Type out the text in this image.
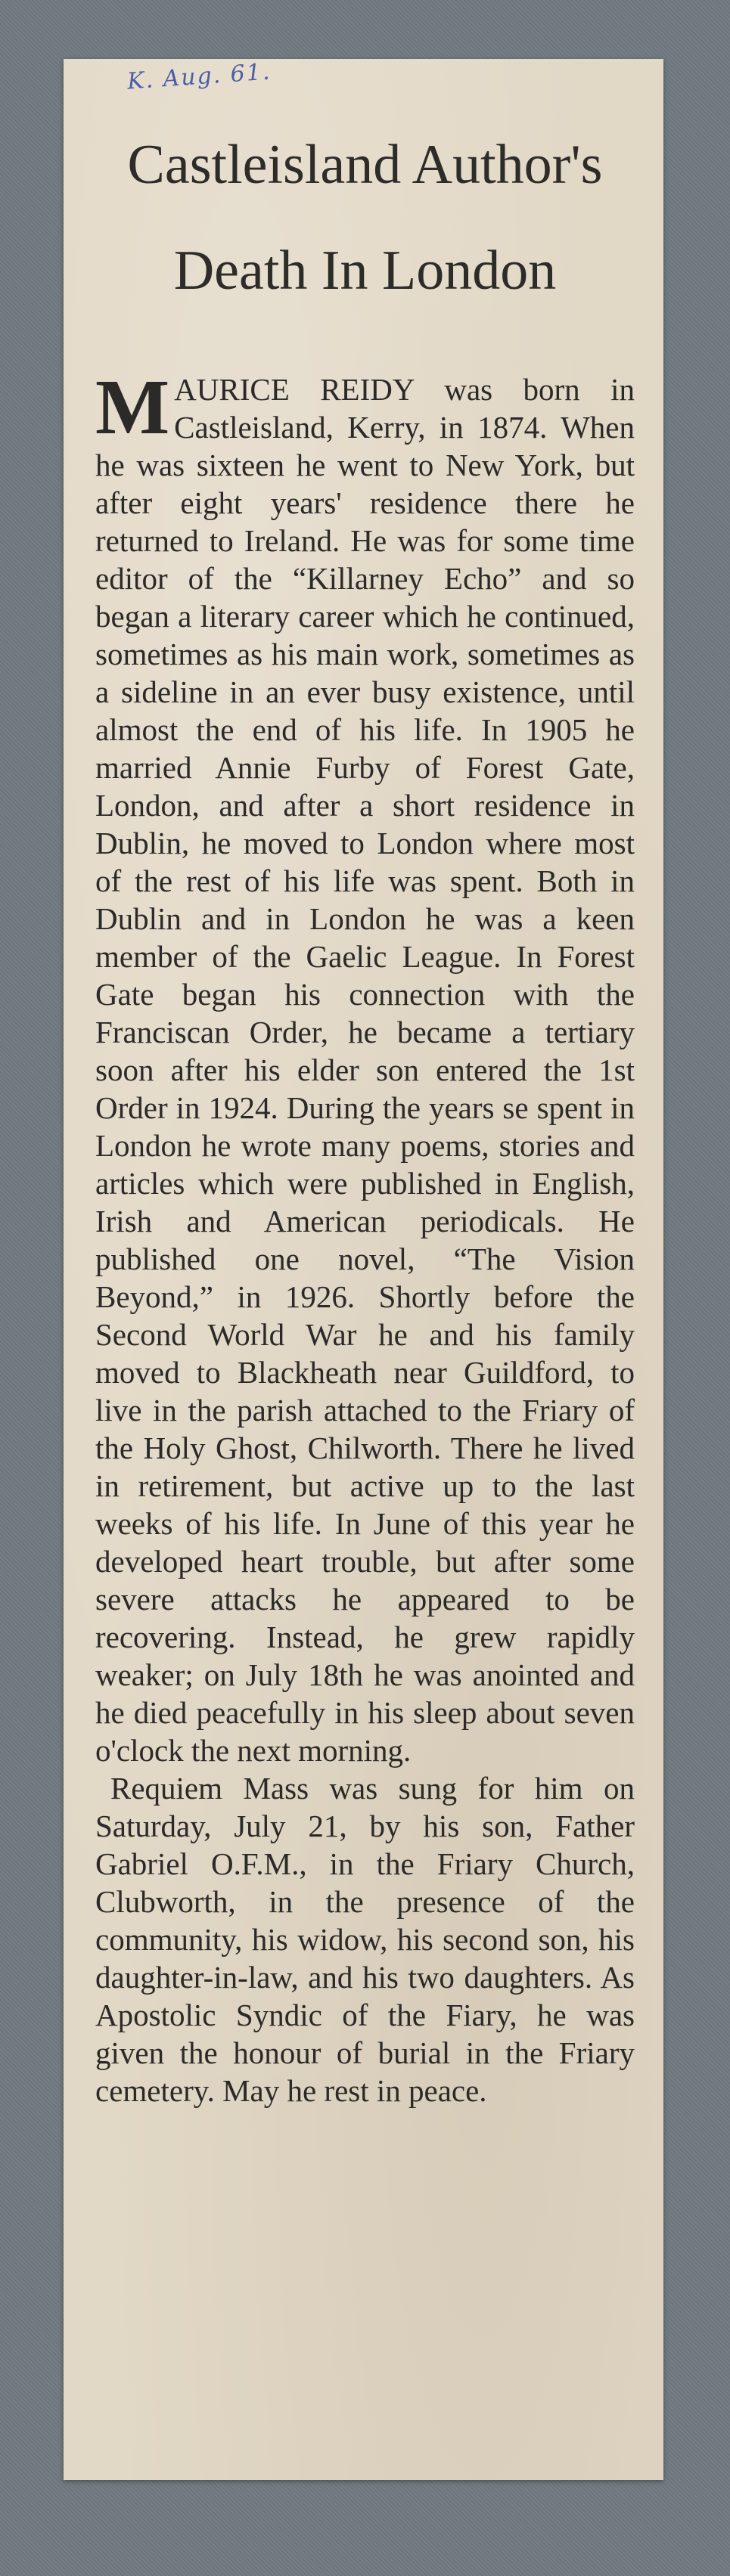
K. Aug. 61.
Castleisland Author's
Death In London

MAURICE REIDY was born in Castleisland, Kerry, in 1874. When he was sixteen he went to New York, but after eight years' residence there he returned to Ireland. He was for some time editor of the “Killarney Echo” and so began a literary career which he continued, sometimes as his main work, sometimes as a sideline in an ever busy existence, until almost the end of his life. In 1905 he married Annie Furby of Forest Gate, London, and after a short residence in Dublin, he moved to London where most of the rest of his life was spent. Both in Dublin and in London he was a keen member of the Gaelic League. In Forest Gate began his connection with the Franciscan Order, he became a tertiary soon after his elder son entered the 1st Order in 1924. During the years se spent in London he wrote many poems, stories and articles which were published in English, Irish and American periodicals. He published one novel, “The Vision Beyond,” in 1926. Shortly before the Second World War he and his family moved to Blackheath near Guildford, to live in the parish attached to the Friary of the Holy Ghost, Chilworth. There he lived in retirement, but active up to the last weeks of his life. In June of this year he developed heart trouble, but after some severe attacks he appeared to be recovering. Instead, he grew rapidly weaker; on July 18th he was anointed and he died peacefully in his sleep about seven o'clock the next morning.

Requiem Mass was sung for him on Saturday, July 21, by his son, Father Gabriel O.F.M., in the Friary Church, Clubworth, in the presence of the community, his widow, his second son, his daughter-in-law, and his two daughters. As Apostolic Syndic of the Fiary, he was given the honour of burial in the Friary cemetery. May he rest in peace.
